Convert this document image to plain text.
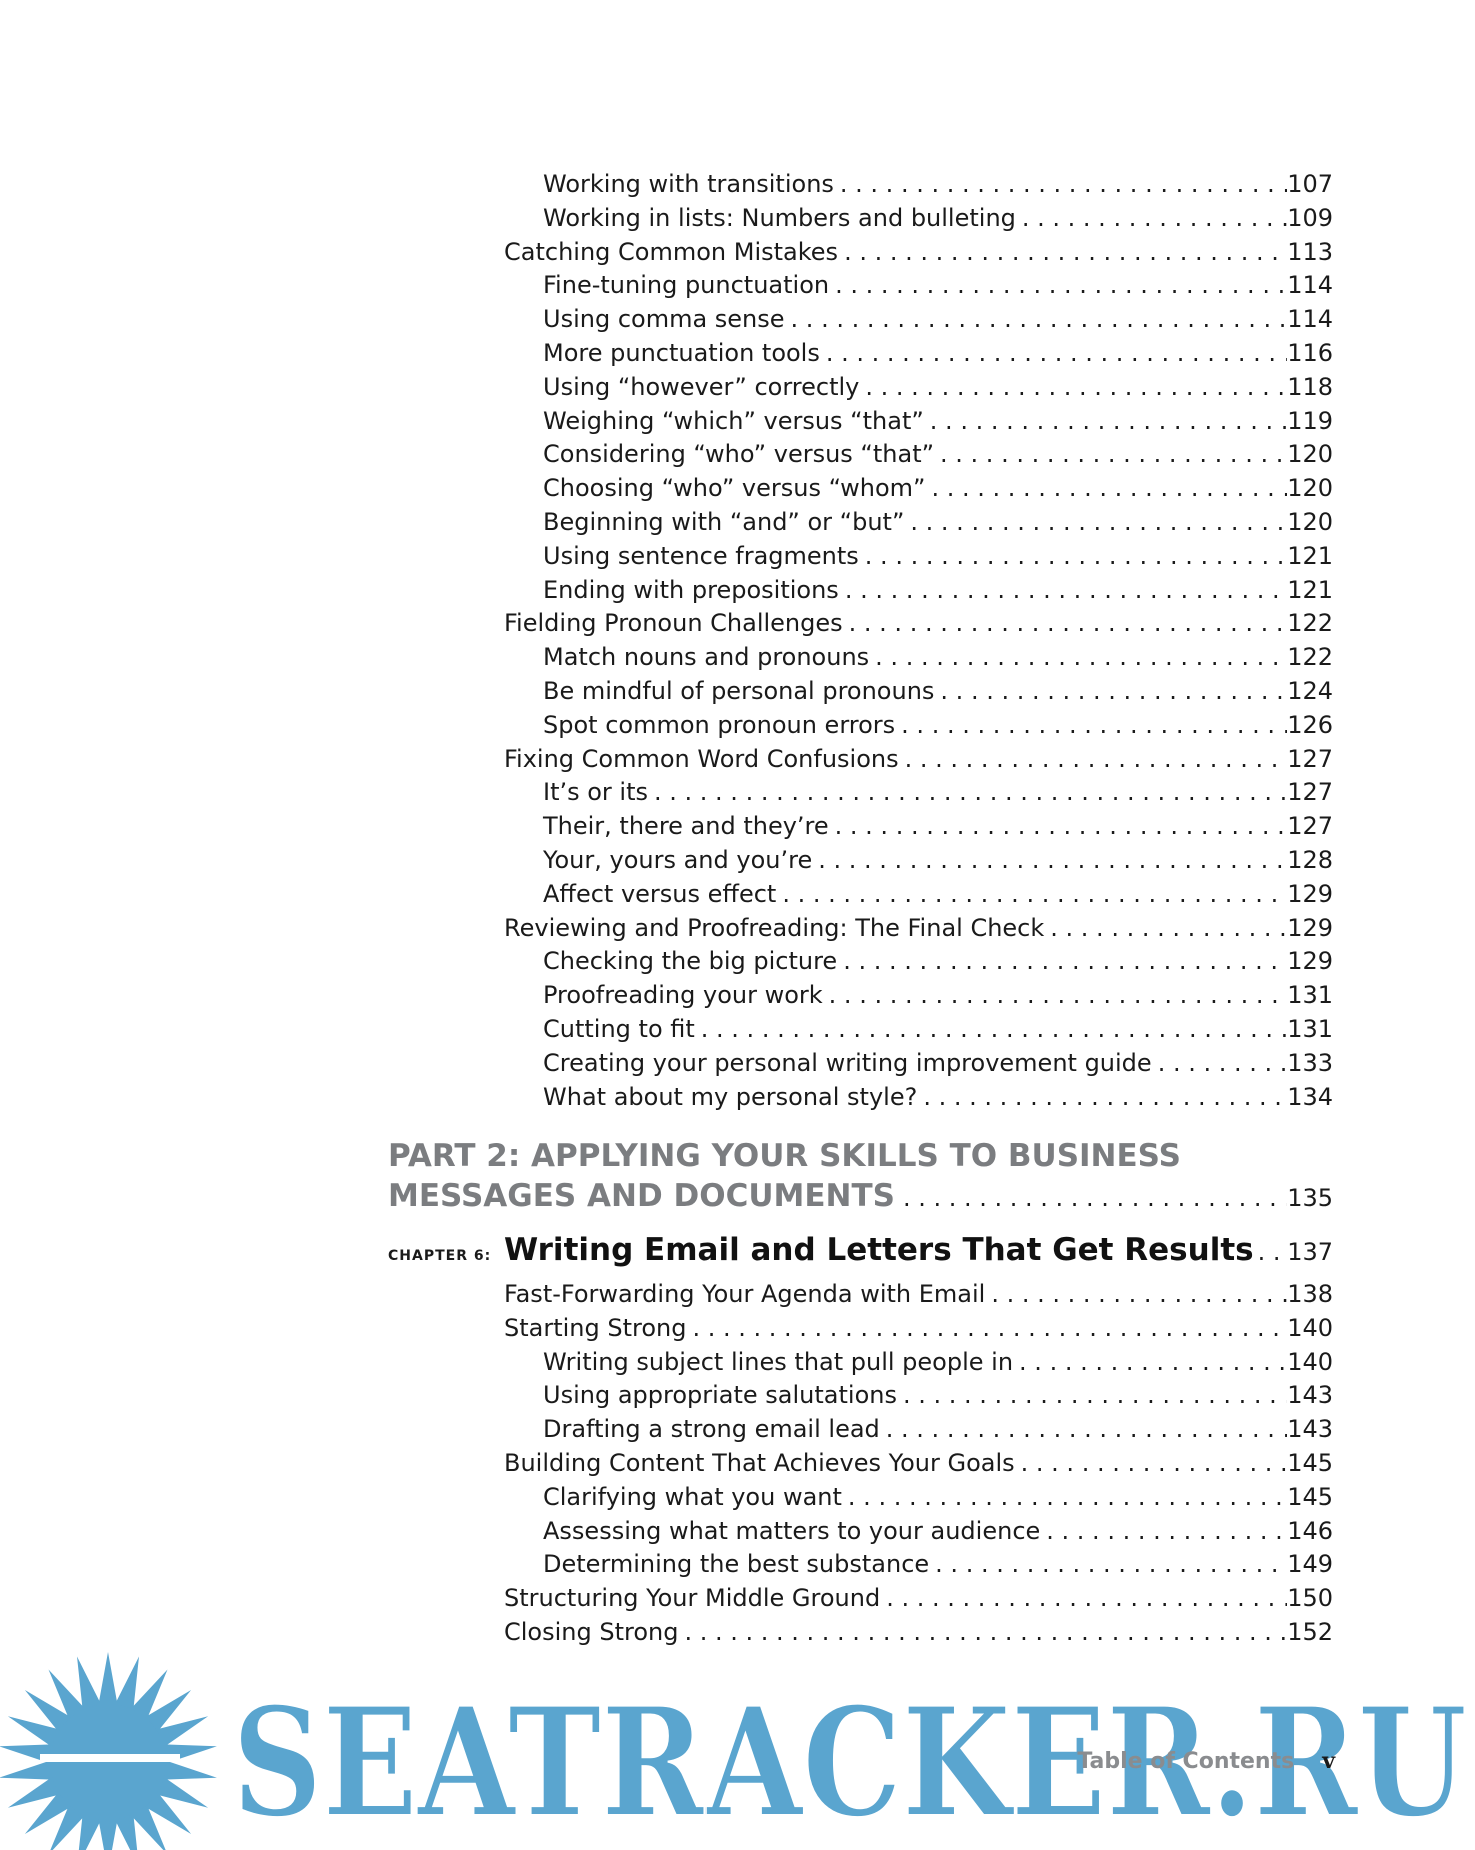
Working with transitions . . .	107
Working in lists: Numbers and bulleting . . .	109
Catching Common Mistakes . . .	113
Fine-tuning punctuation . . .	114
Using comma sense . . .	114
More punctuation tools . . .	116
Using “however” correctly . . .	118
Weighing “which” versus “that” . . .	119
Considering “who” versus “that” . . .	120
Choosing “who” versus “whom” . . .	120
Beginning with “and” or “but” . . .	120
Using sentence fragments . . .	121
Ending with prepositions . . .	121
Fielding Pronoun Challenges . . .	122
Match nouns and pronouns . . .	122
Be mindful of personal pronouns . . .	124
Spot common pronoun errors . . .	126
Fixing Common Word Confusions . . .	127
It’s or its . . .	127
Their, there and they’re . . .	127
Your, yours and you’re . . .	128
Affect versus effect . . .	129
Reviewing and Proofreading: The Final Check . . .	129
Checking the big picture . . .	129
Proofreading your work . . .	131
Cutting to fit . . .	131
Creating your personal writing improvement guide . . .	133
What about my personal style? . . .	134
PART 2: APPLYING YOUR SKILLS TO BUSINESS
MESSAGES AND DOCUMENTS . . .	135
CHAPTER 6: Writing Email and Letters That Get Results . . . 137
Fast-Forwarding Your Agenda with Email . . .	138
Starting Strong . . .	140
Writing subject lines that pull people in . . .	140
Using appropriate salutations . . .	143
Drafting a strong email lead . . .	143
Building Content That Achieves Your Goals . . .	145
Clarifying what you want . . .	145
Assessing what matters to your audience . . .	146
Determining the best substance . . .	149
Structuring Your Middle Ground . . .	150
Closing Strong . . .	152
SEATRACKER.RU
Table of Contents v
